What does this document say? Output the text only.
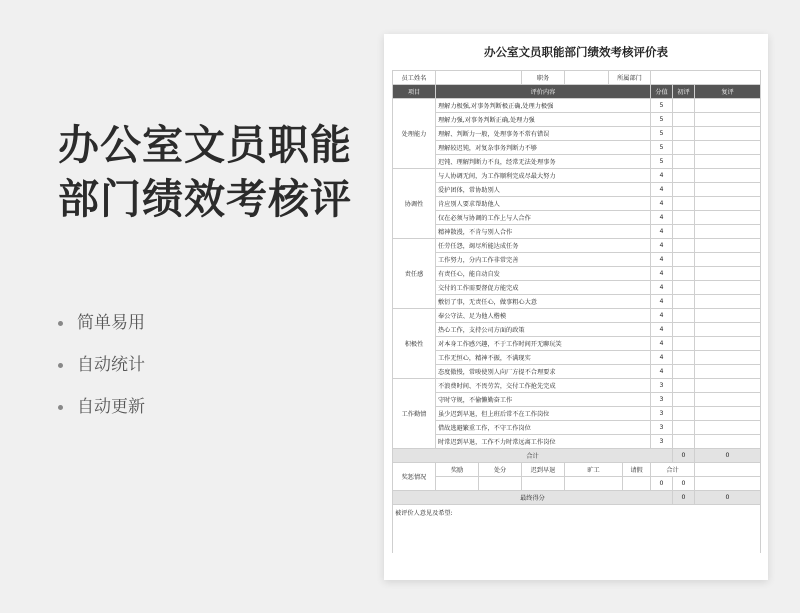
办公室文员职能
部门绩效考核评
简单易用
自动统计
自动更新
办公室文员职能部门绩效考核评价表
员工姓名			职务		所属部门					
项目	评价内容						分值	初评	复评	
处理能力	理解力极强,对事务判断极正确,处理力极强						5			
	理解力强,对事务判断正确,处理力强						5			
	理解、判断力一般，处理事务不常有错误						5			
	理解较迟钝，对复杂事务判断力不够						5			
	迟钝、理解判断力不良，经常无法处理事务						5			
协调性	与人协调无间，为工作顺利完成尽最大努力						4			
	爱护团体，常协助别人						4			
	肯应别人要求帮助他人						4			
	仅在必须与协调的工作上与人合作						4			
	精神散漫，不肯与别人合作						4			
责任感	任劳任怨，竭尽所能达成任务						4			
	工作努力，分内工作非常完善						4			
	有责任心，能自动自发						4			
	交付的工作需要督促方能完成						4			
	敷衍了事，无责任心，做事粗心大意						4			
积极性	奉公守法、足为他人楷模						4			
	热心工作，支持公司方面的政策						4			
	对本身工作感兴趣，不于工作时间开无聊玩笑						4			
	工作无恒心，精神不振，不满现实						4			
	态度傲慢，常唆使别人向厂方提不合理要求						4			
工作勤情	不浪费时间、不畏劳苦，交付工作抢先完成						3			
	守时守规，不偷懒勤奋工作						3			
	虽少迟到早退，但上班后常不在工作岗位						3			
	借故逃避繁重工作，不守工作岗位						3			
	时常迟到早退，工作不力时常远离工作岗位						3			
合计								0	0	
奖惩情况	奖励	处分	迟到早退	旷工		请假	合计			
							0	0		
最终得分								0	0	
被评价人意见及希望:										
